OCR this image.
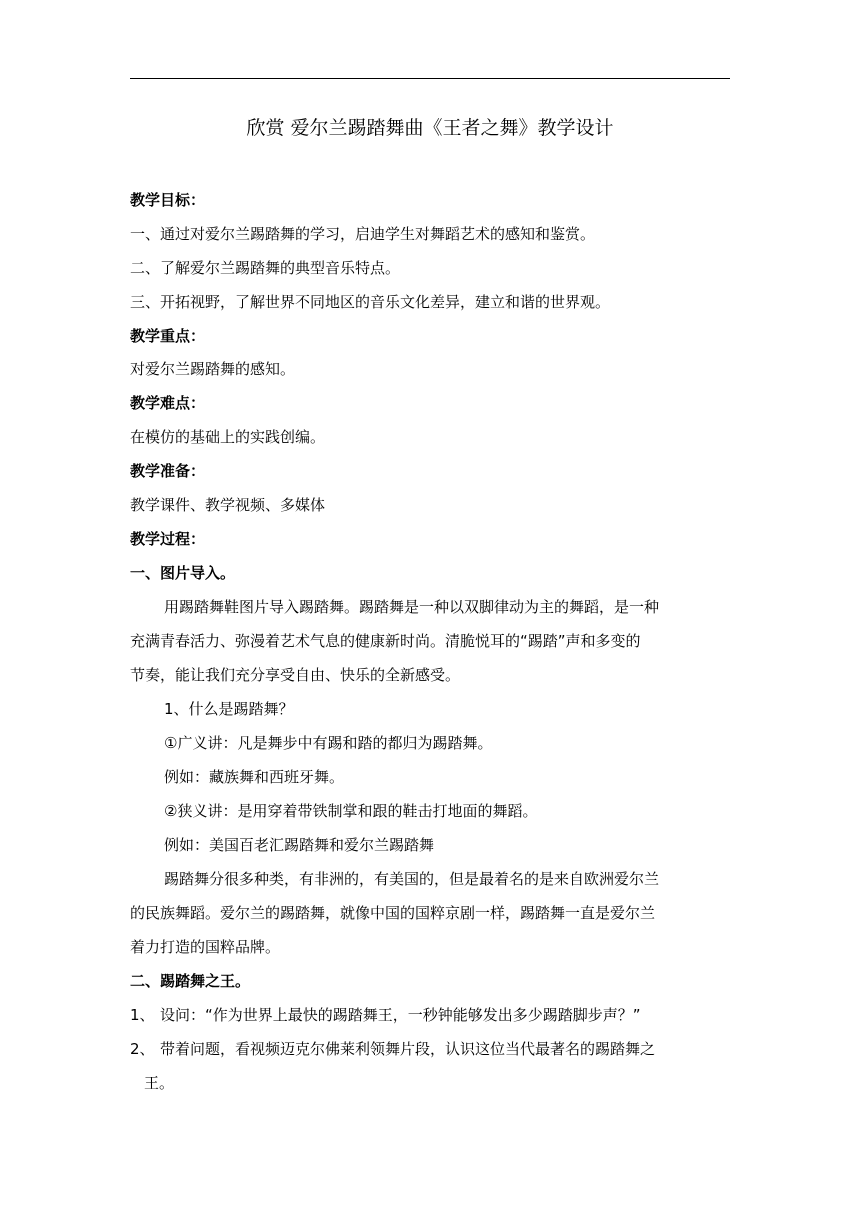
欣赏 爱尔兰踢踏舞曲《王者之舞》教学设计
教学目标：
一、通过对爱尔兰踢踏舞的学习，启迪学生对舞蹈艺术的感知和鉴赏。
二、了解爱尔兰踢踏舞的典型音乐特点。
三、开拓视野，了解世界不同地区的音乐文化差异，建立和谐的世界观。
教学重点：
对爱尔兰踢踏舞的感知。
教学难点：
在模仿的基础上的实践创编。
教学准备：
教学课件、教学视频、多媒体
教学过程：
一、图片导入。
用踢踏舞鞋图片导入踢踏舞。踢踏舞是一种以双脚律动为主的舞蹈，是一种
充满青春活力、弥漫着艺术气息的健康新时尚。清脆悦耳的“踢踏”声和多变的
节奏，能让我们充分享受自由、快乐的全新感受。
1、什么是踢踏舞？
①广义讲：凡是舞步中有踢和踏的都归为踢踏舞。
例如：藏族舞和西班牙舞。
②狭义讲：是用穿着带铁制掌和跟的鞋击打地面的舞蹈。
例如：美国百老汇踢踏舞和爱尔兰踢踏舞
踢踏舞分很多种类，有非洲的，有美国的，但是最着名的是来自欧洲爱尔兰
的民族舞蹈。爱尔兰的踢踏舞，就像中国的国粹京剧一样，踢踏舞一直是爱尔兰
着力打造的国粹品牌。
二、踢踏舞之王。
1、 设问：“作为世界上最快的踢踏舞王，一秒钟能够发出多少踢踏脚步声？”
2、 带着问题，看视频迈克尔佛莱利领舞片段，认识这位当代最著名的踢踏舞之
王。
